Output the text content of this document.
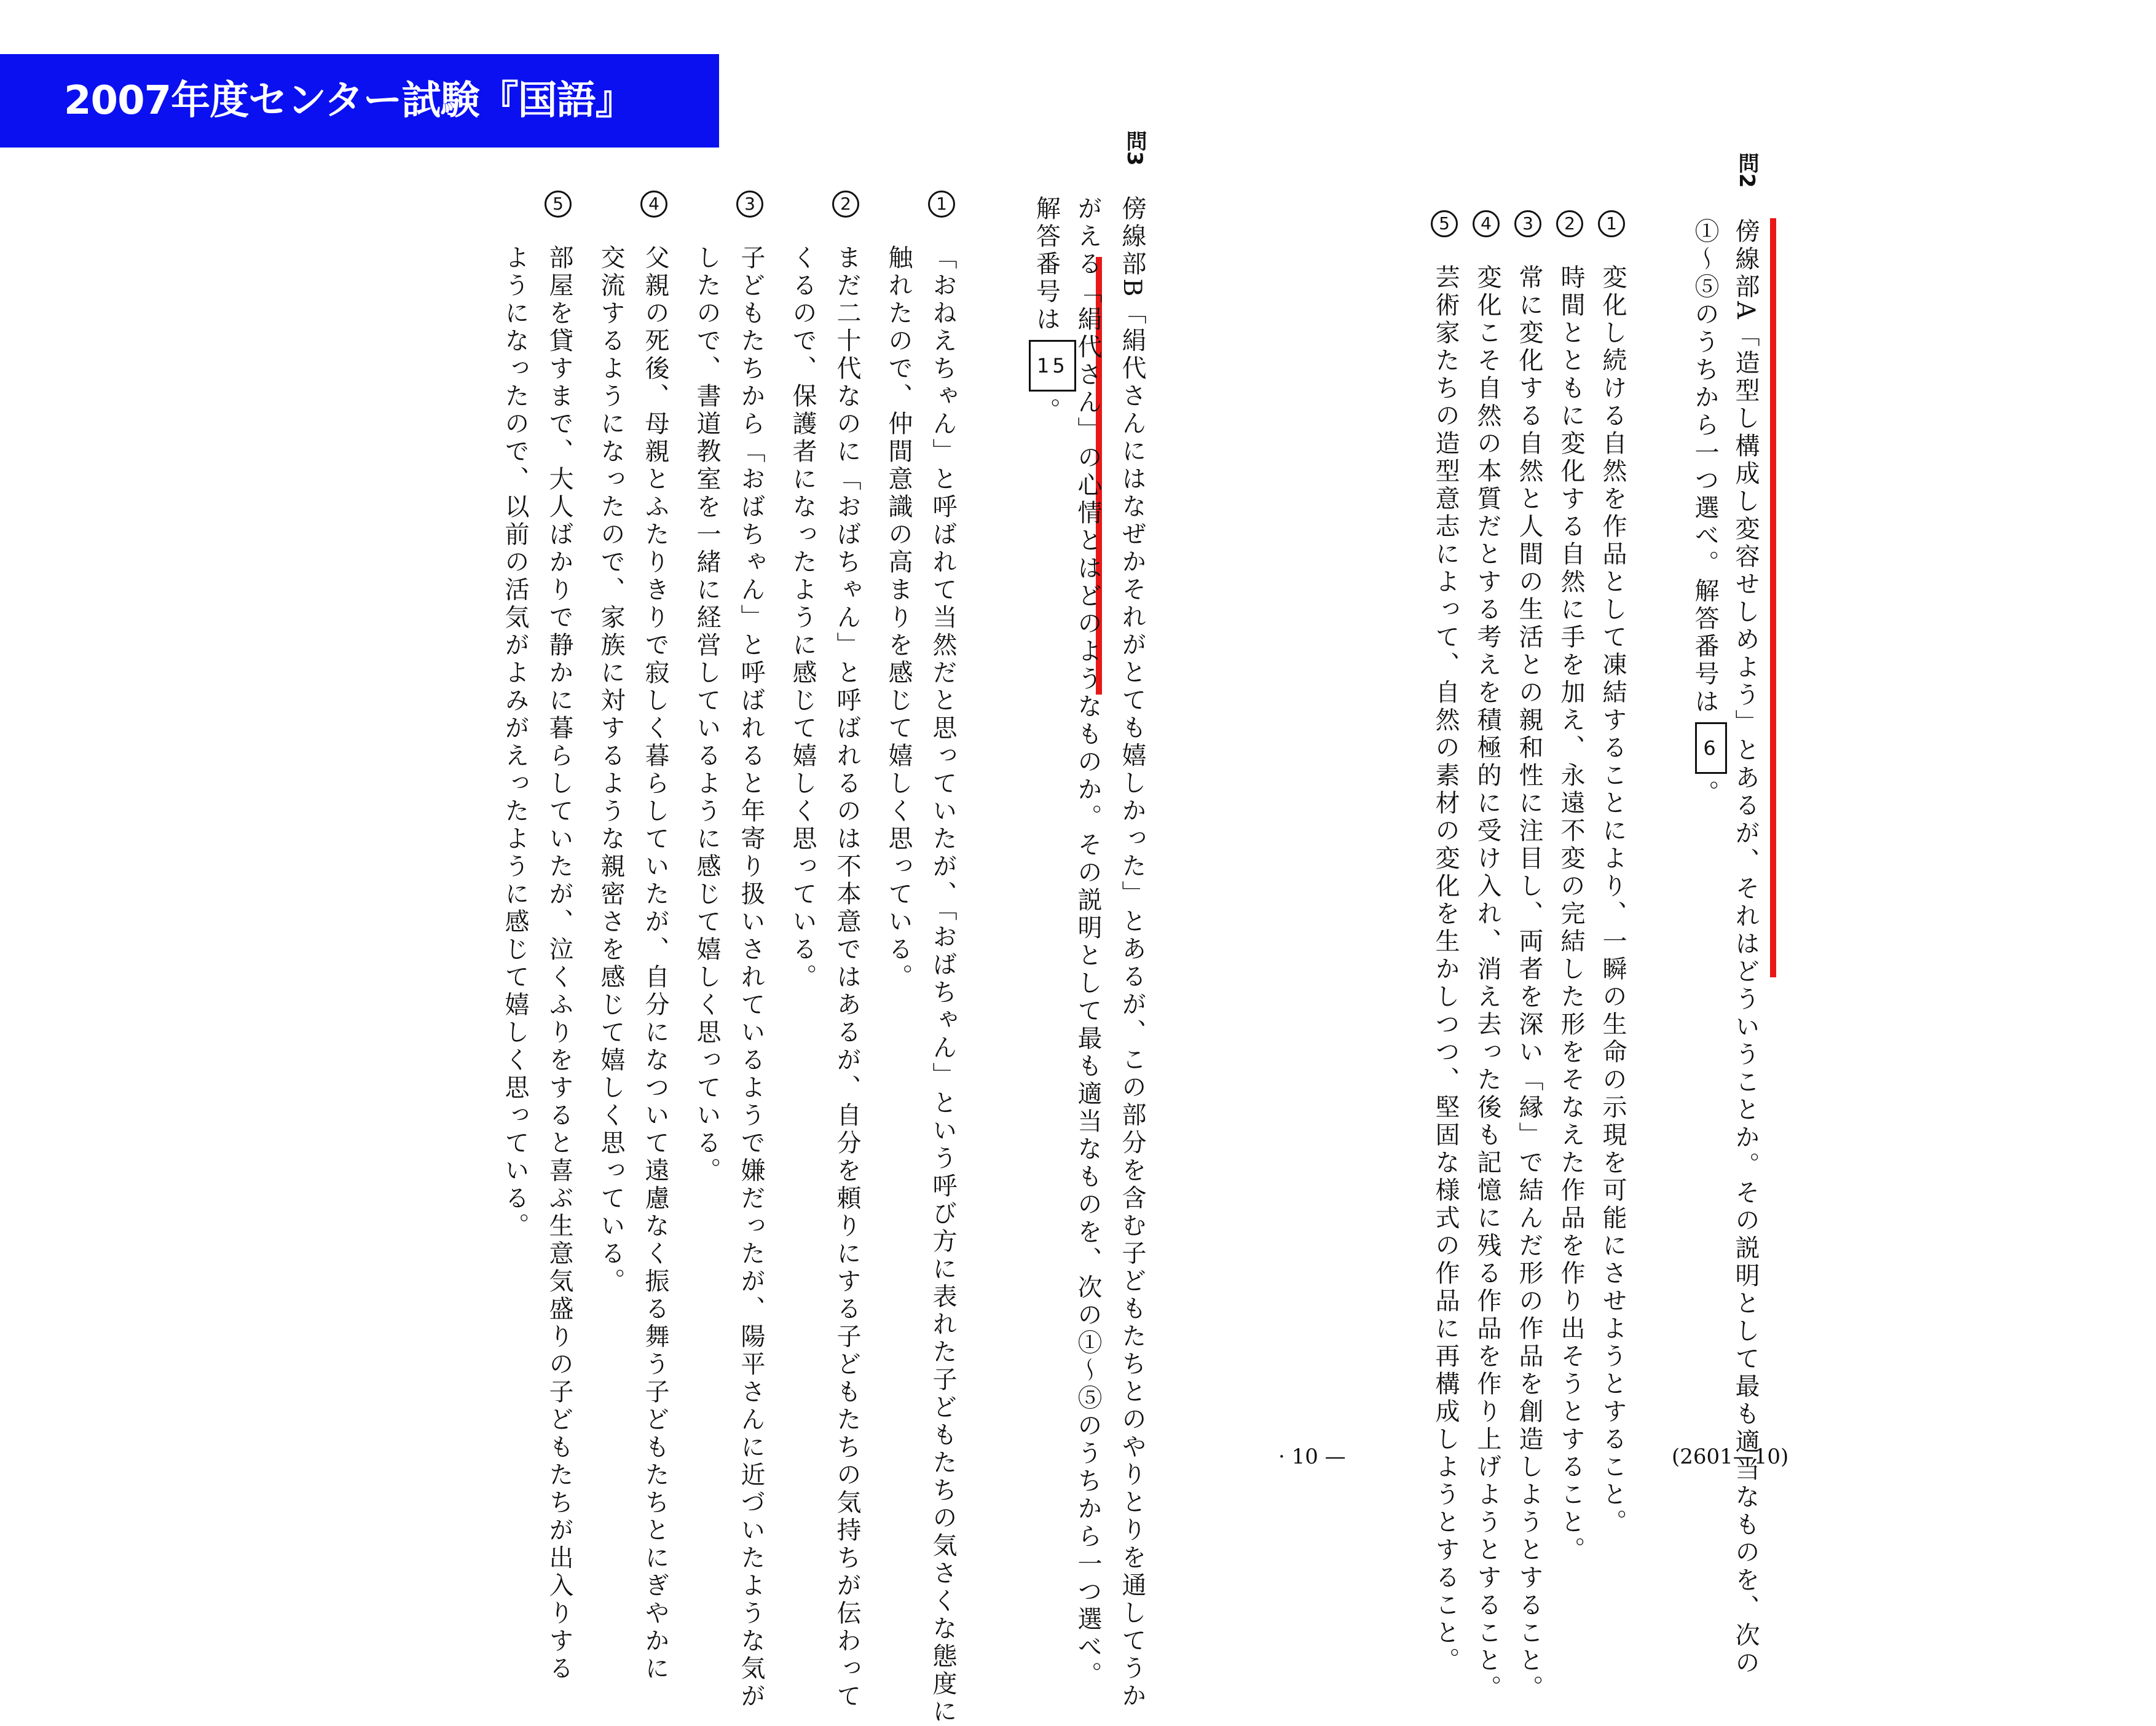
2007年度センター試験『国語』
問2
傍線部A「造型し構成し変容せしめよう」とあるが、それはどういうことか。その説明として最も適当なものを、次の
①～⑤のうちから一つ選べ。解答番号は6。
1
変化し続ける自然を作品として凍結することにより、一瞬の生命の示現を可能にさせようとすること。
2
時間とともに変化する自然に手を加え、永遠不変の完結した形をそなえた作品を作り出そうとすること。
3
常に変化する自然と人間の生活との親和性に注目し、両者を深い「縁」で結んだ形の作品を創造しようとすること。
4
変化こそ自然の本質だとする考えを積極的に受け入れ、消え去った後も記憶に残る作品を作り上げようとすること。
5
芸術家たちの造型意志によって、自然の素材の変化を生かしつつ、堅固な様式の作品に再構成しようとすること。	(2601—10)
問3
傍線部B「絹代さんにはなぜかそれがとても嬉しかった」とあるが、この部分を含む子どもたちとのやりとりを通してうか
がえる「絹代さん」の心情とはどのようなものか。その説明として最も適当なものを、次の①～⑤のうちから一つ選べ。
解答番号は15。
1
「おねえちゃん」と呼ばれて当然だと思っていたが、「おばちゃん」という呼び方に表れた子どもたちの気さくな態度に
触れたので、仲間意識の高まりを感じて嬉しく思っている。
2
まだ二十代なのに「おばちゃん」と呼ばれるのは不本意ではあるが、自分を頼りにする子どもたちの気持ちが伝わって
くるので、保護者になったように感じて嬉しく思っている。
3
子どもたちから「おばちゃん」と呼ばれると年寄り扱いされているようで嫌だったが、陽平さんに近づいたような気が
したので、書道教室を一緒に経営しているように感じて嬉しく思っている。
4
父親の死後、母親とふたりきりで寂しく暮らしていたが、自分になついて遠慮なく振る舞う子どもたちとにぎやかに
交流するようになったので、家族に対するような親密さを感じて嬉しく思っている。
5
部屋を貸すまで、大人ばかりで静かに暮らしていたが、泣くふりをすると喜ぶ生意気盛りの子どもたちが出入りする
ようになったので、以前の活気がよみがえったように感じて嬉しく思っている。
· 10 —
